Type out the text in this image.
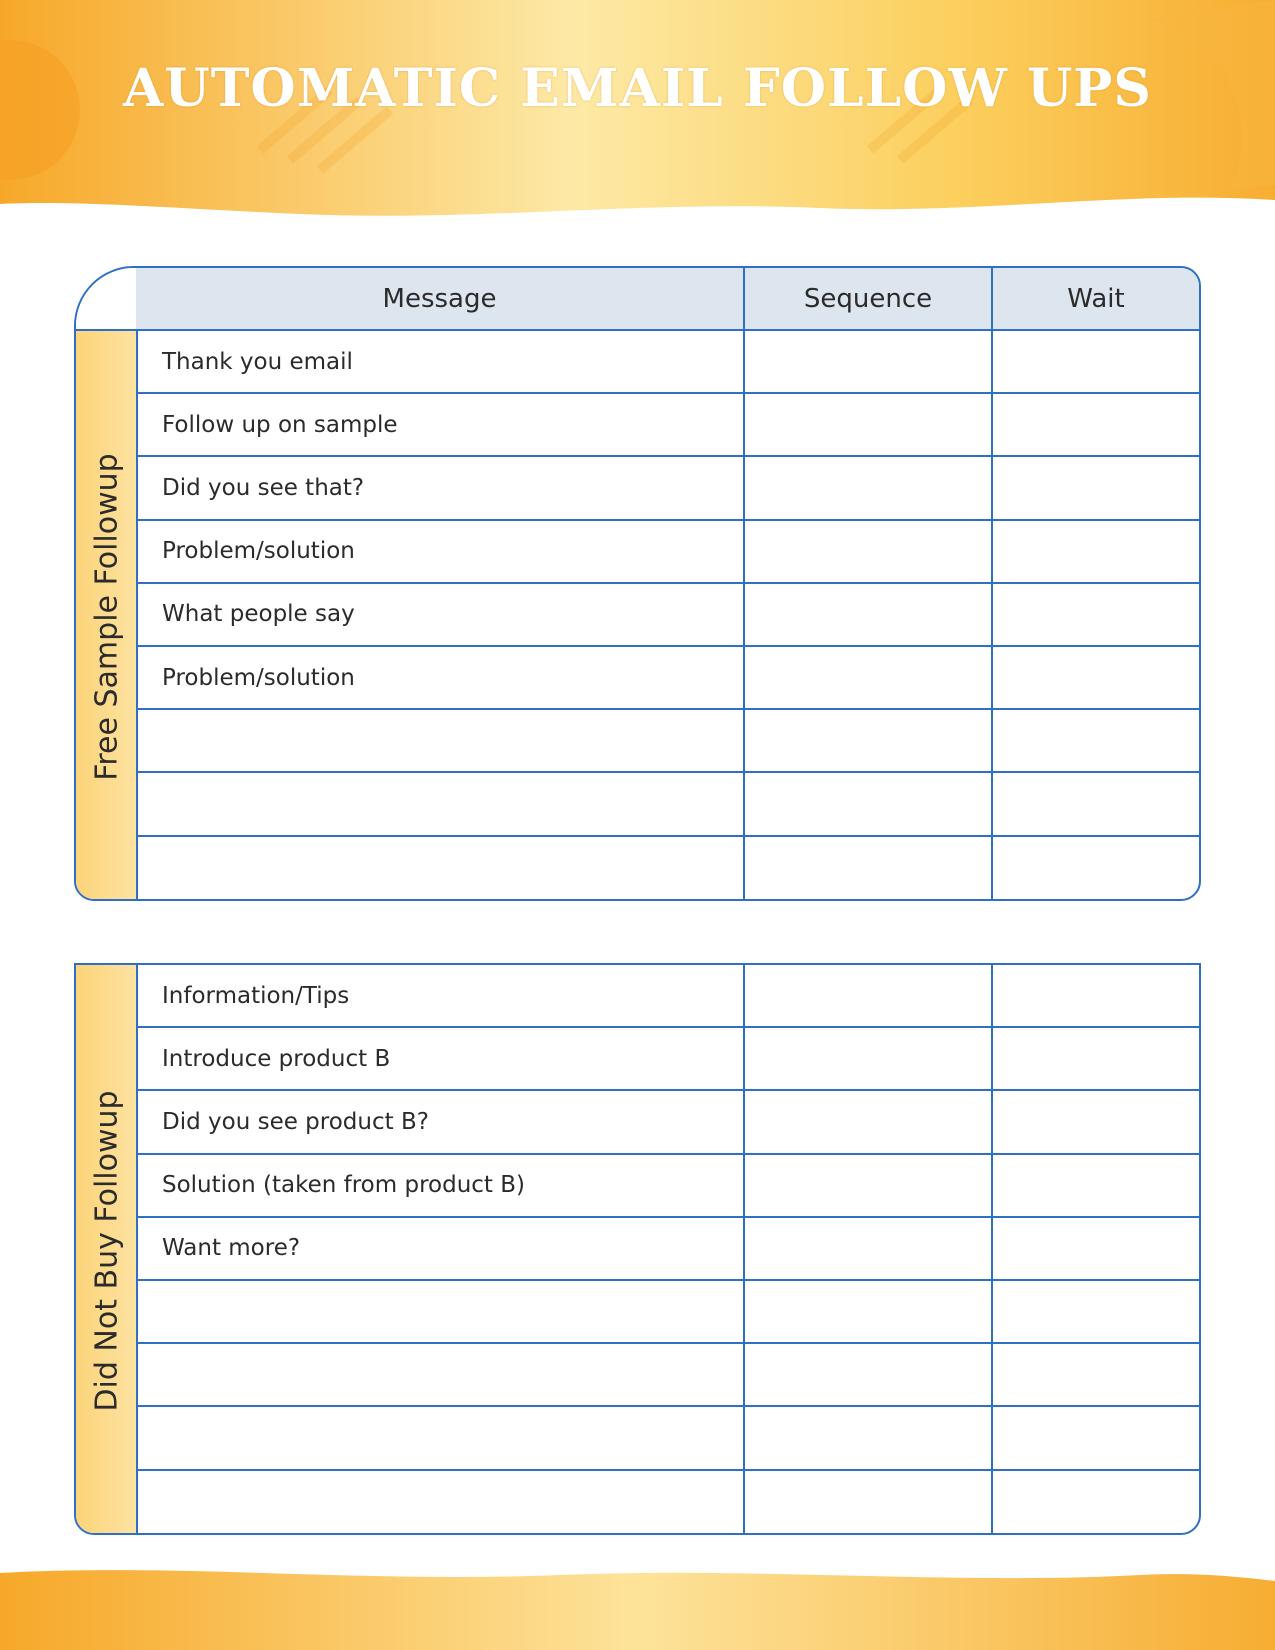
AUTOMATIC EMAIL FOLLOW UPS
Message	Sequence	Wait
Free Sample Followup
Thank you email
Follow up on sample
Did you see that?
Problem/solution
What people say
Problem/solution
Did Not Buy Followup
Information/Tips
Introduce product B
Did you see product B?
Solution (taken from product B)
Want more?
